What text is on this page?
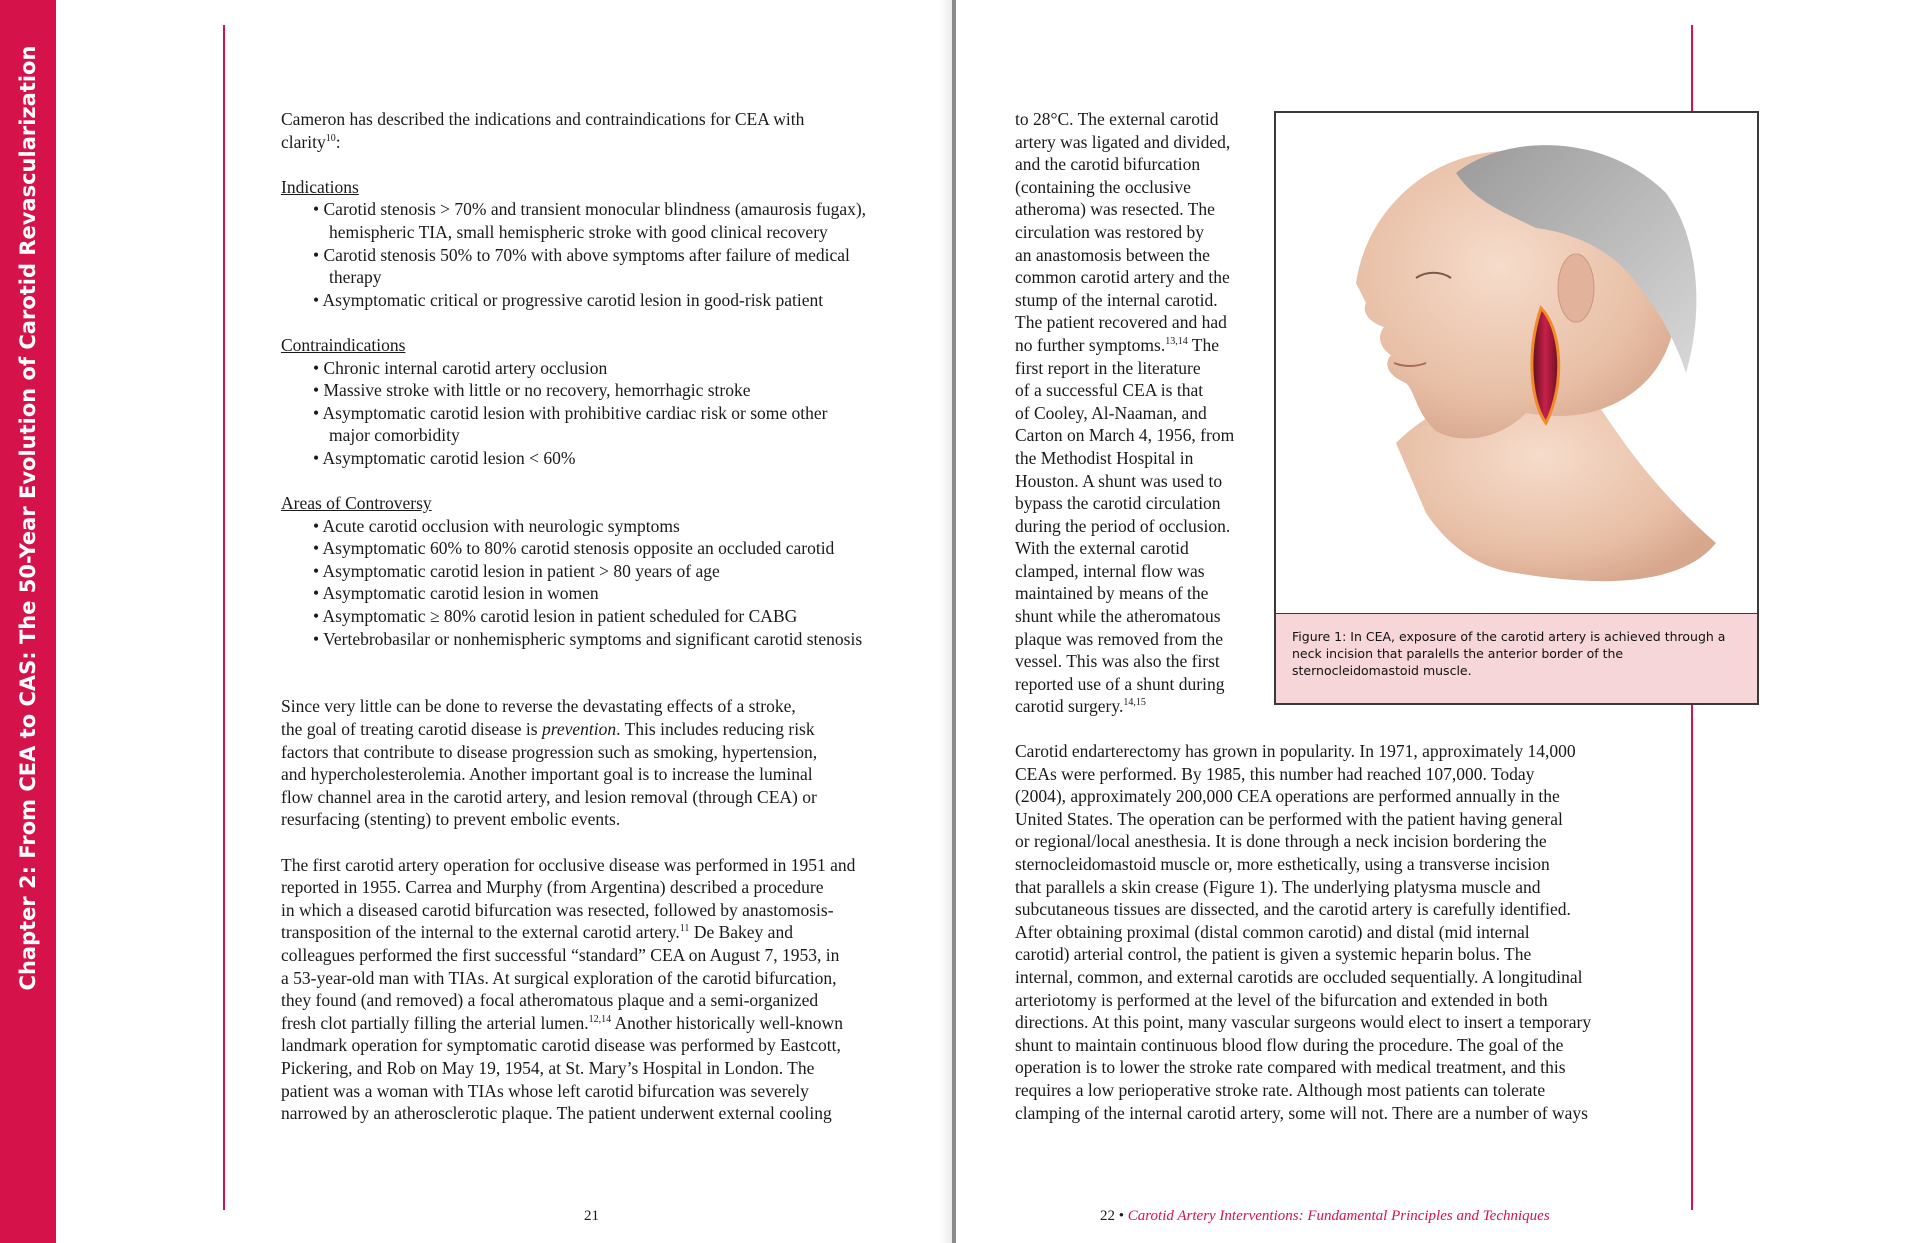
Chapter 2: From CEA to CAS: The 50-Year Evolution of Carotid Revascularization	Cameron has described the indications and contraindications for CEA with

clarity$^{10}$:

Indications

• Carotid stenosis > 70% and transient monocular blindness (amaurosis fugax),
hemispheric TIA, small hemispheric stroke with good clinical recovery

• Carotid stenosis 50% to 70% with above symptoms after failure of medical
therapy

• Asymptomatic critical or progressive carotid lesion in good-risk patient

Contraindications

• Chronic internal carotid artery occlusion

• Massive stroke with little or no recovery, hemorrhagic stroke

• Asymptomatic carotid lesion with prohibitive cardiac risk or some other
major comorbidity

• Asymptomatic carotid lesion < 60%

Areas of Controversy

• Acute carotid occlusion with neurologic symptoms

• Asymptomatic 60% to 80% carotid stenosis opposite an occluded carotid

• Asymptomatic carotid lesion in patient > 80 years of age

• Asymptomatic carotid lesion in women

• Asymptomatic ≥ 80% carotid lesion in patient scheduled for CABG

• Vertebrobasilar or nonhemispheric symptoms and significant carotid stenosis

Since very little can be done to reverse the devastating effects of a stroke,

the goal of treating carotid disease is prevention. This includes reducing risk

factors that contribute to disease progression such as smoking, hypertension,

and hypercholesterolemia. Another important goal is to increase the luminal

flow channel area in the carotid artery, and lesion removal (through CEA) or

resurfacing (stenting) to prevent embolic events.

The first carotid artery operation for occlusive disease was performed in 1951 and

reported in 1955. Carrea and Murphy (from Argentina) described a procedure

in which a diseased carotid bifurcation was resected, followed by anastomosis-

transposition of the internal to the external carotid artery.$^{11}$ De Bakey and

colleagues performed the first successful “standard” CEA on August 7, 1953, in

a 53-year-old man with TIAs. At surgical exploration of the carotid bifurcation,

they found (and removed) a focal atheromatous plaque and a semi-organized

fresh clot partially filling the arterial lumen.$^{12,14}$ Another historically well-known

landmark operation for symptomatic carotid disease was performed by Eastcott,

Pickering, and Rob on May 19, 1954, at St. Mary’s Hospital in London. The

patient was a woman with TIAs whose left carotid bifurcation was severely

narrowed by an atherosclerotic plaque. The patient underwent external cooling

21

to 28°C. The external carotid

artery was ligated and divided,

and the carotid bifurcation

(containing the occlusive

atheroma) was resected. The

circulation was restored by

an anastomosis between the

common carotid artery and the

stump of the internal carotid.

The patient recovered and had

no further symptoms.$^{13,14}$ The

first report in the literature

of a successful CEA is that

of Cooley, Al-Naaman, and

Carton on March 4, 1956, from

the Methodist Hospital in

Houston. A shunt was used to

bypass the carotid circulation

during the period of occlusion.

With the external carotid

clamped, internal flow was

maintained by means of the

shunt while the atheromatous

plaque was removed from the

vessel. This was also the first

reported use of a shunt during

carotid surgery.$^{14,15}$

Figure 1: In CEA, exposure of the carotid artery is achieved through a neck incision that paralells the anterior border of the sternocleidomastoid muscle.

Carotid endarterectomy has grown in popularity. In 1971, approximately 14,000

CEAs were performed. By 1985, this number had reached 107,000. Today

(2004), approximately 200,000 CEA operations are performed annually in the

United States. The operation can be performed with the patient having general

or regional/local anesthesia. It is done through a neck incision bordering the

sternocleidomastoid muscle or, more esthetically, using a transverse incision

that parallels a skin crease (Figure 1). The underlying platysma muscle and

subcutaneous tissues are dissected, and the carotid artery is carefully identified.

After obtaining proximal (distal common carotid) and distal (mid internal

carotid) arterial control, the patient is given a systemic heparin bolus. The

internal, common, and external carotids are occluded sequentially. A longitudinal

arteriotomy is performed at the level of the bifurcation and extended in both

directions. At this point, many vascular surgeons would elect to insert a temporary

shunt to maintain continuous blood flow during the procedure. The goal of the

operation is to lower the stroke rate compared with medical treatment, and this

requires a low perioperative stroke rate. Although most patients can tolerate

clamping of the internal carotid artery, some will not. There are a number of ways

22 • Carotid Artery Interventions: Fundamental Principles and Techniques
